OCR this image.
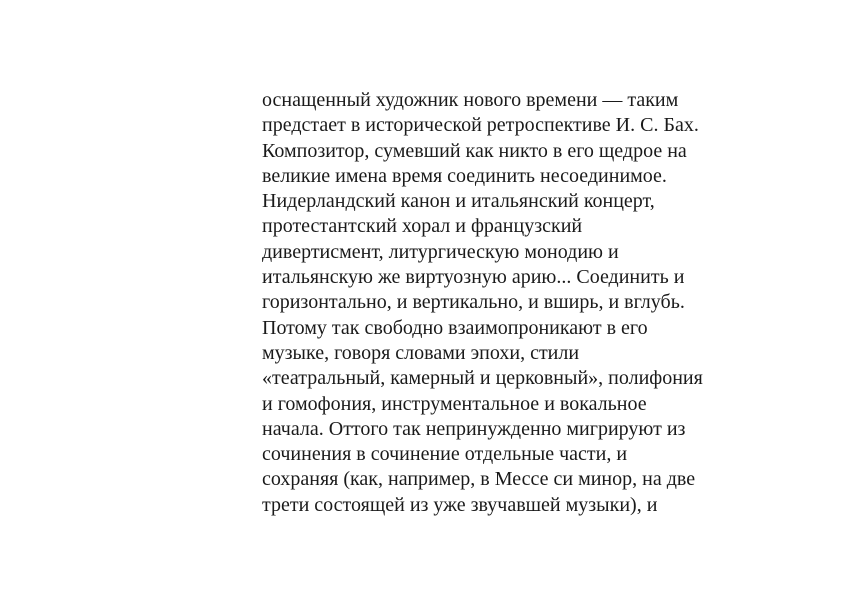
оснащенный художник нового времени — таким
предстает в исторической ретроспективе И. С. Бах.
Композитор, сумевший как никто в его щедрое на
великие имена время соединить несоединимое.
Нидерландский канон и итальянский концерт,
протестантский хорал и французский
дивертисмент, литургическую монодию и
итальянскую же виртуозную арию... Соединить и
горизонтально, и вертикально, и вширь, и вглубь.
Потому так свободно взаимопроникают в его
музыке, говоря словами эпохи, стили
«театральный, камерный и церковный», полифония
и гомофония, инструментальное и вокальное
начала. Оттого так непринужденно мигрируют из
сочинения в сочинение отдельные части, и
сохраняя (как, например, в Мессе си минор, на две
трети состоящей из уже звучавшей музыки), и
